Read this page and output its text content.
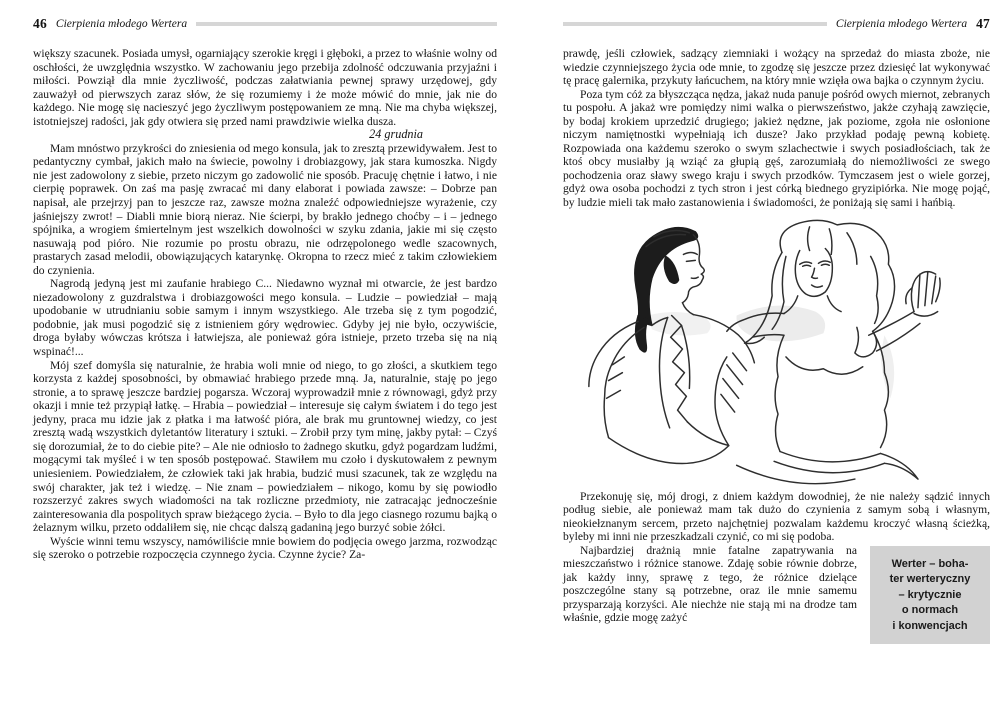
46 Cierpienia młodego Wertera

większy szacunek. Posiada umysł, ogarniający szerokie kręgi i głęboki, a przez to właśnie wolny od oschłości, że uwzględnia wszystko. W zachowaniu jego przebija zdolność odczuwania przyjaźni i miłości. Powziął dla mnie życzliwość, podczas załatwiania pewnej sprawy urzędowej, gdy zauważył od pierwszych zaraz słów, że się rozumiemy i że może mówić do mnie, jak nie do każdego. Nie mogę się nacieszyć jego życzliwym postępowaniem ze mną. Nie ma chyba większej, istotniejszej radości, jak gdy otwiera się przed nami prawdziwie wielka dusza.

24 grudnia

Mam mnóstwo przykrości do zniesienia od mego konsula, jak to zresztą przewidywałem. Jest to pedantyczny cymbał, jakich mało na świecie, powolny i drobiazgowy, jak stara kumoszka. Nigdy nie jest zadowolony z siebie, przeto niczym go zadowolić nie sposób. Pracuję chętnie i łatwo, i nie cierpię poprawek. On zaś ma pasję zwracać mi dany elaborat i powiada zawsze: – Dobrze pan napisał, ale przejrzyj pan to jeszcze raz, zawsze można znaleźć odpowiedniejsze wyrażenie, czy jaśniejszy zwrot! – Diabli mnie biorą nieraz. Nie ścierpi, by brakło jednego choćby – i – jednego spójnika, a wrogiem śmiertelnym jest wszelkich dowolności w szyku zdania, jakie mi się często nasuwają pod pióro. Nie rozumie po prostu obrazu, nie odrzępolonego wedle szacownych, prastarych zasad melodii, obowiązujących katarynkę. Okropna to rzecz mieć z takim człowiekiem do czynienia.

Nagrodą jedyną jest mi zaufanie hrabiego C... Niedawno wyznał mi otwarcie, że jest bardzo niezadowolony z guzdralstwa i drobiazgowości mego konsula. – Ludzie – powiedział – mają upodobanie w utrudnianiu sobie samym i innym wszystkiego. Ale trzeba się z tym pogodzić, podobnie, jak musi pogodzić się z istnieniem góry wędrowiec. Gdyby jej nie było, oczywiście, droga byłaby wówczas krótsza i łatwiejsza, ale ponieważ góra istnieje, przeto trzeba się na nią wspinać!...

Mój szef domyśla się naturalnie, że hrabia woli mnie od niego, to go złości, a skutkiem tego korzysta z każdej sposobności, by obmawiać hrabiego przede mną. Ja, naturalnie, staję po jego stronie, a to sprawę jeszcze bardziej pogarsza. Wczoraj wyprowadził mnie z równowagi, gdyż przy okazji i mnie też przypiął łatkę. – Hrabia – powiedział – interesuje się całym światem i do tego jest jedyny, praca mu idzie jak z płatka i ma łatwość pióra, ale brak mu gruntownej wiedzy, co jest zresztą wadą wszystkich dyletantów literatury i sztuki. – Zrobił przy tym minę, jakby pytał: – Czyś się dorozumiał, że to do ciebie pite? – Ale nie odniosło to żadnego skutku, gdyż pogardzam ludźmi, mogącymi tak myśleć i w ten sposób postępować. Stawiłem mu czoło i dyskutowałem z pewnym uniesieniem. Powiedziałem, że człowiek taki jak hrabia, budzić musi szacunek, tak ze względu na swój charakter, jak też i wiedzę. – Nie znam – powiedziałem – nikogo, komu by się powiodło rozszerzyć zakres swych wiadomości na tak rozliczne przedmioty, nie zatracając jednocześnie zainteresowania dla pospolitych spraw bieżącego życia. – Było to dla jego ciasnego rozumu bajką o żelaznym wilku, przeto oddaliłem się, nie chcąc dalszą gadaniną jego burzyć sobie żółci.

Wyście winni temu wszyscy, namówiliście mnie bowiem do podjęcia owego jarzma, rozwodząc się szeroko o potrzebie rozpoczęcia czynnego życia. Czynne życie? Za-

Cierpienia młodego Wertera 47

prawdę, jeśli człowiek, sadzący ziemniaki i wożący na sprzedaż do miasta zboże, nie wiedzie czynniejszego życia ode mnie, to zgodzę się jeszcze przez dziesięć lat wykonywać tę pracę galernika, przykuty łańcuchem, na który mnie wzięła owa bajka o czynnym życiu.

Poza tym cóż za błyszcząca nędza, jakaż nuda panuje pośród owych miernot, zebranych tu pospołu. A jakaż wre pomiędzy nimi walka o pierwszeństwo, jakże czyhają zawzięcie, by bodaj krokiem uprzedzić drugiego; jakież nędzne, jak poziome, zgoła nie osłonione niczym namiętnostki wypełniają ich dusze? Jako przykład podaję pewną kobietę. Rozpowiada ona każdemu szeroko o swym szlachectwie i swych posiadłościach, tak że ktoś obcy musiałby ją wziąć za głupią gęś, zarozumiałą do niemożliwości ze swego pochodzenia oraz sławy swego kraju i swych przodków. Tymczasem jest o wiele gorzej, gdyż owa osoba pochodzi z tych stron i jest córką biednego gryzipiórka. Nie mogę pojąć, by ludzie mieli tak mało zastanowienia i świadomości, że poniżają się sami i hańbią.

Przekonuję się, mój drogi, z dniem każdym dowodniej, że nie należy sądzić innych podług siebie, ale ponieważ mam tak dużo do czynienia z samym sobą i własnym, nieokiełznanym sercem, przeto najchętniej pozwalam każdemu kroczyć własną ścieżką, byleby mi inni nie przeszkadzali czynić, co mi się podoba.

Werter – boha-
ter werteryczny
– krytycznie
o normach
i konwencjach
Najbardziej drażnią mnie fatalne zapatrywania na mieszczaństwo i różnice stanowe. Zdaję sobie równie dobrze, jak każdy inny, sprawę z tego, że różnice dzielące poszczególne stany są potrzebne, oraz ile mnie samemu przysparzają korzyści. Ale niechże nie stają mi na drodze tam właśnie, gdzie mogę zażyć
